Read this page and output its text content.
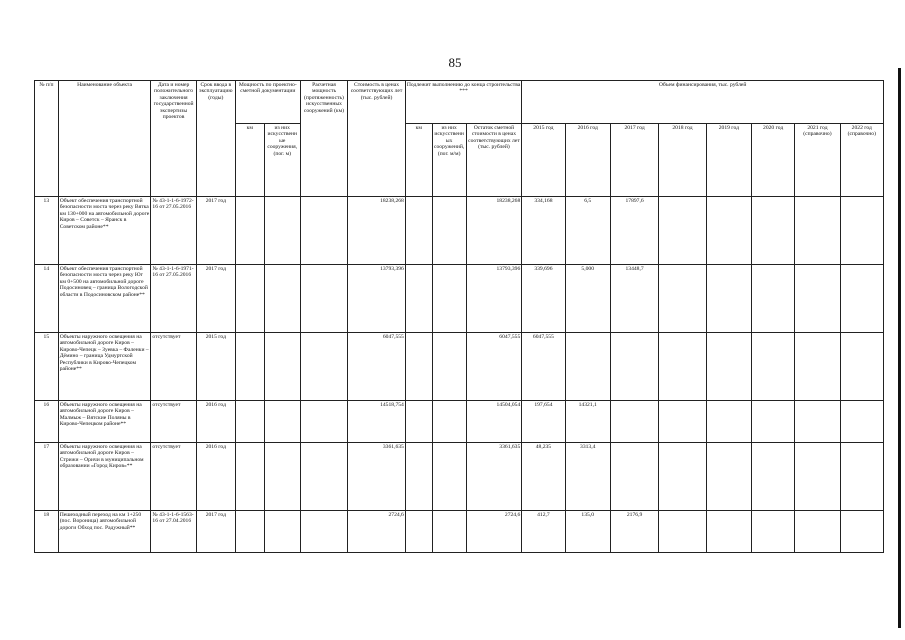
85
№ п/п	Наименование объекта	Дата и номер положительного заключения государственной экспертизы проектов	Срок ввода в эксплуатацию (годы)	Мощность по проектно-сметной документации		Расчетная мощность (протяженность) искусственных сооружений (км)	Стоимость в ценах соответствующих лет (тыс. рублей)	Подлежит выполнению до конца строительства ***			Объем финансирования, тыс. рублей							
				км	из них искусственные сооружения, (пог. м)			км	из них искусственных сооружений, (пог. м/м)	Остаток сметной стоимости в ценах соответствующих лет (тыс. рублей)	2015 год	2016 год	2017 год	2018 год	2019 год	2020 год	2021 год (справочно)	2022 год (справочно)
13	Объект обеспечения транспортной безопасности моста через реку Вятка км 130+000 на автомобильной дороге Киров – Советск – Яранск в Советском районе**	№ 43-1-1-6-1972-16 от 27.05.2016	2017 год				18238,268			18238,268	334,168	6,5	17897,6					
14	Объект обеспечения транспортной безопасности моста через реку Юг км 0+500 на автомобильной дороге Подосиновец – граница Вологодской области в Подосиновском районе**	№ 43-1-1-6-1971-16 от 27.05.2016	2017 год				13793,396			13793,396	339,696	5,000	13448,7					
15	Объекты наружного освещения на автомобильной дороге Киров – Кирово-Чепецк – Зуевка – Фаленки – Дёмино – граница Удмуртской Республики в Кирово-Чепецком районе**	отсутствует	2015 год				6047,555			6047,555	6047,555							
16	Объекты наружного освещения на автомобильной дороге Киров – Малмыж – Вятские Поляны в Кирово-Чепецком районе**	отсутствует	2016 год				14518,754			14504,054	197,654	14321,1						
17	Объекты наружного освещения на автомобильной дороге Киров – Стрижи – Оричи в муниципальном образовании «Город Киров»**	отсутствует	2016 год				3361,635			3361,635	48,235	3313,4						
18	Пешеходный переход на км 1+250 (пос. Вороница) автомобильной дороги Обход пос. Радужный**	№ 43-1-1-6-1563-16 от 27.04.2016	2017 год				2724,6			2724,6	412,7	135,0	2176,9					
